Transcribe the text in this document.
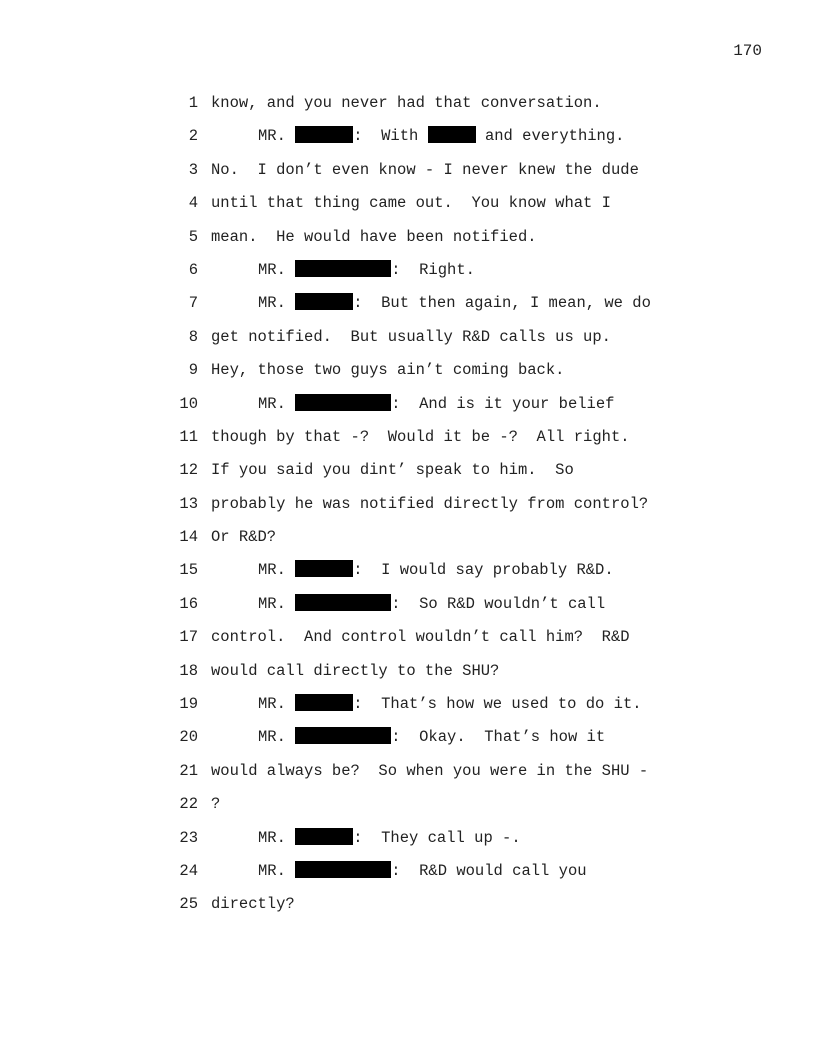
170
1 know, and you never had that conversation.
2	MR.	:  With	and everything.
3 No.  I don’t even know - I never knew the dude
4 until that thing came out.  You know what I
5 mean.  He would have been notified.
6	MR.	:  Right.
7	MR.	:  But then again, I mean, we do
8 get notified.  But usually R&D calls us up.
9 Hey, those two guys ain’t coming back.
10	MR.	:  And is it your belief
11 though by that -?  Would it be -?  All right.
12 If you said you dint’ speak to him.  So
13 probably he was notified directly from control?
14 Or R&D?
15	MR.	:  I would say probably R&D.
16	MR.	:  So R&D wouldn’t call
17 control.  And control wouldn’t call him?  R&D
18 would call directly to the SHU?
19	MR.	:  That’s how we used to do it.
20	MR.	:  Okay.  That’s how it
21 would always be?  So when you were in the SHU -
22 ?
23	MR.	:  They call up -.
24	MR.	:  R&D would call you
25 directly?
